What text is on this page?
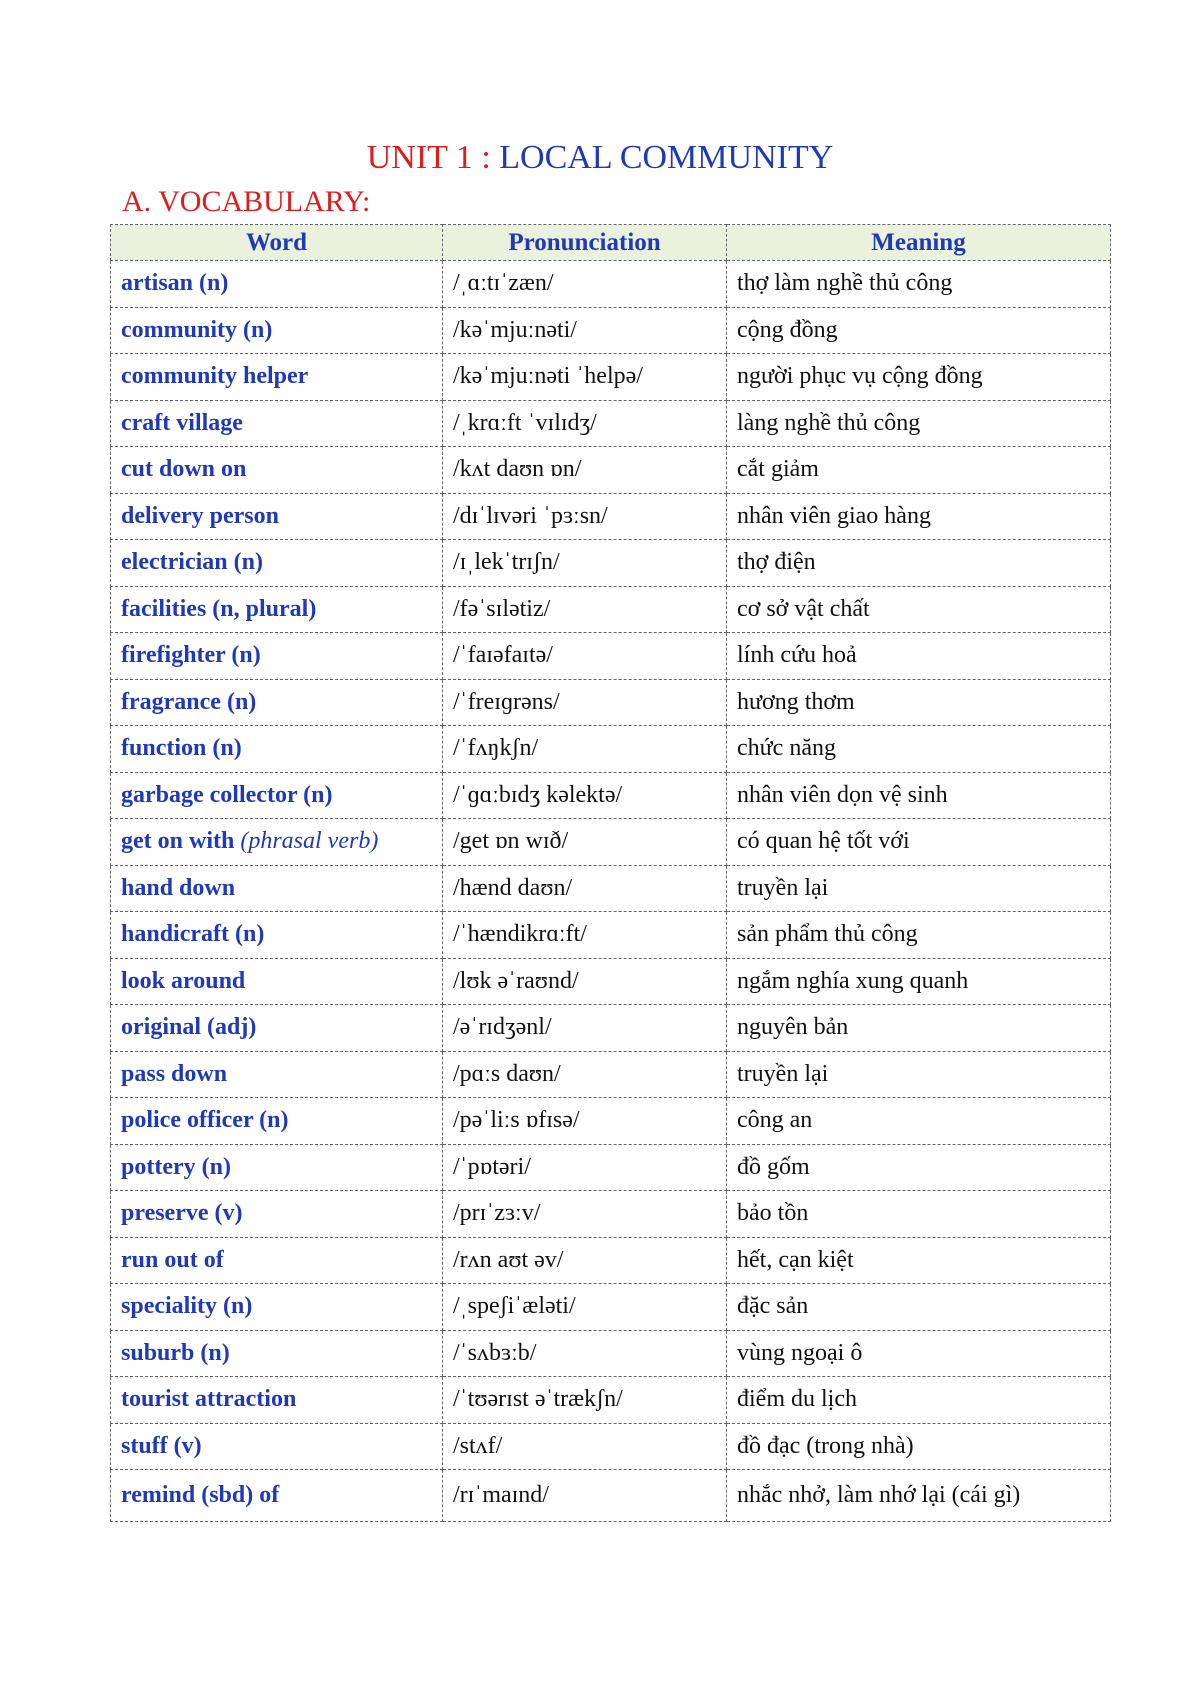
UNIT 1 : LOCAL COMMUNITY
A. VOCABULARY:
Word	Pronunciation	Meaning
artisan (n)	/ˌɑːtɪˈzæn/	thợ làm nghề thủ công
community (n)	/kəˈmjuːnəti/	cộng đồng
community helper	/kəˈmjuːnəti ˈhelpə/	người phục vụ cộng đồng
craft village	/ˌkrɑːft ˈvɪlɪdʒ/	làng nghề thủ công
cut down on	/kʌt daʊn ɒn/	cắt giảm
delivery person	/dɪˈlɪvəri ˈpɜːsn/	nhân viên giao hàng
electrician (n)	/ɪˌlekˈtrɪʃn/	thợ điện
facilities (n, plural)	/fəˈsɪlətiz/	cơ sở vật chất
firefighter (n)	/ˈfaɪəfaɪtə/	lính cứu hoả
fragrance (n)	/ˈfreɪɡrəns/	hương thơm
function (n)	/ˈfʌŋkʃn/	chức năng
garbage collector (n)	/ˈɡɑːbɪdʒ kəlektə/	nhân viên dọn vệ sinh
get on with (phrasal verb)	/get ɒn wɪð/	có quan hệ tốt với
hand down	/hænd daʊn/	truyền lại
handicraft (n)	/ˈhændikrɑːft/	sản phẩm thủ công
look around	/lʊk əˈraʊnd/	ngắm nghía xung quanh
original (adj)	/əˈrɪdʒənl/	nguyên bản
pass down	/pɑːs daʊn/	truyền lại
police officer (n)	/pəˈliːs ɒfɪsə/	công an
pottery (n)	/ˈpɒtəri/	đồ gốm
preserve (v)	/prɪˈzɜːv/	bảo tồn
run out of	/rʌn aʊt əv/	hết, cạn kiệt
speciality (n)	/ˌspeʃiˈæləti/	đặc sản
suburb (n)	/ˈsʌbɜːb/	vùng ngoại ô
tourist attraction	/ˈtʊərɪst əˈtrækʃn/	điểm du lịch
stuff (v)	/stʌf/	đồ đạc (trong nhà)
remind (sbd) of	/rɪˈmaɪnd/	nhắc nhở, làm nhớ lại (cái gì)
